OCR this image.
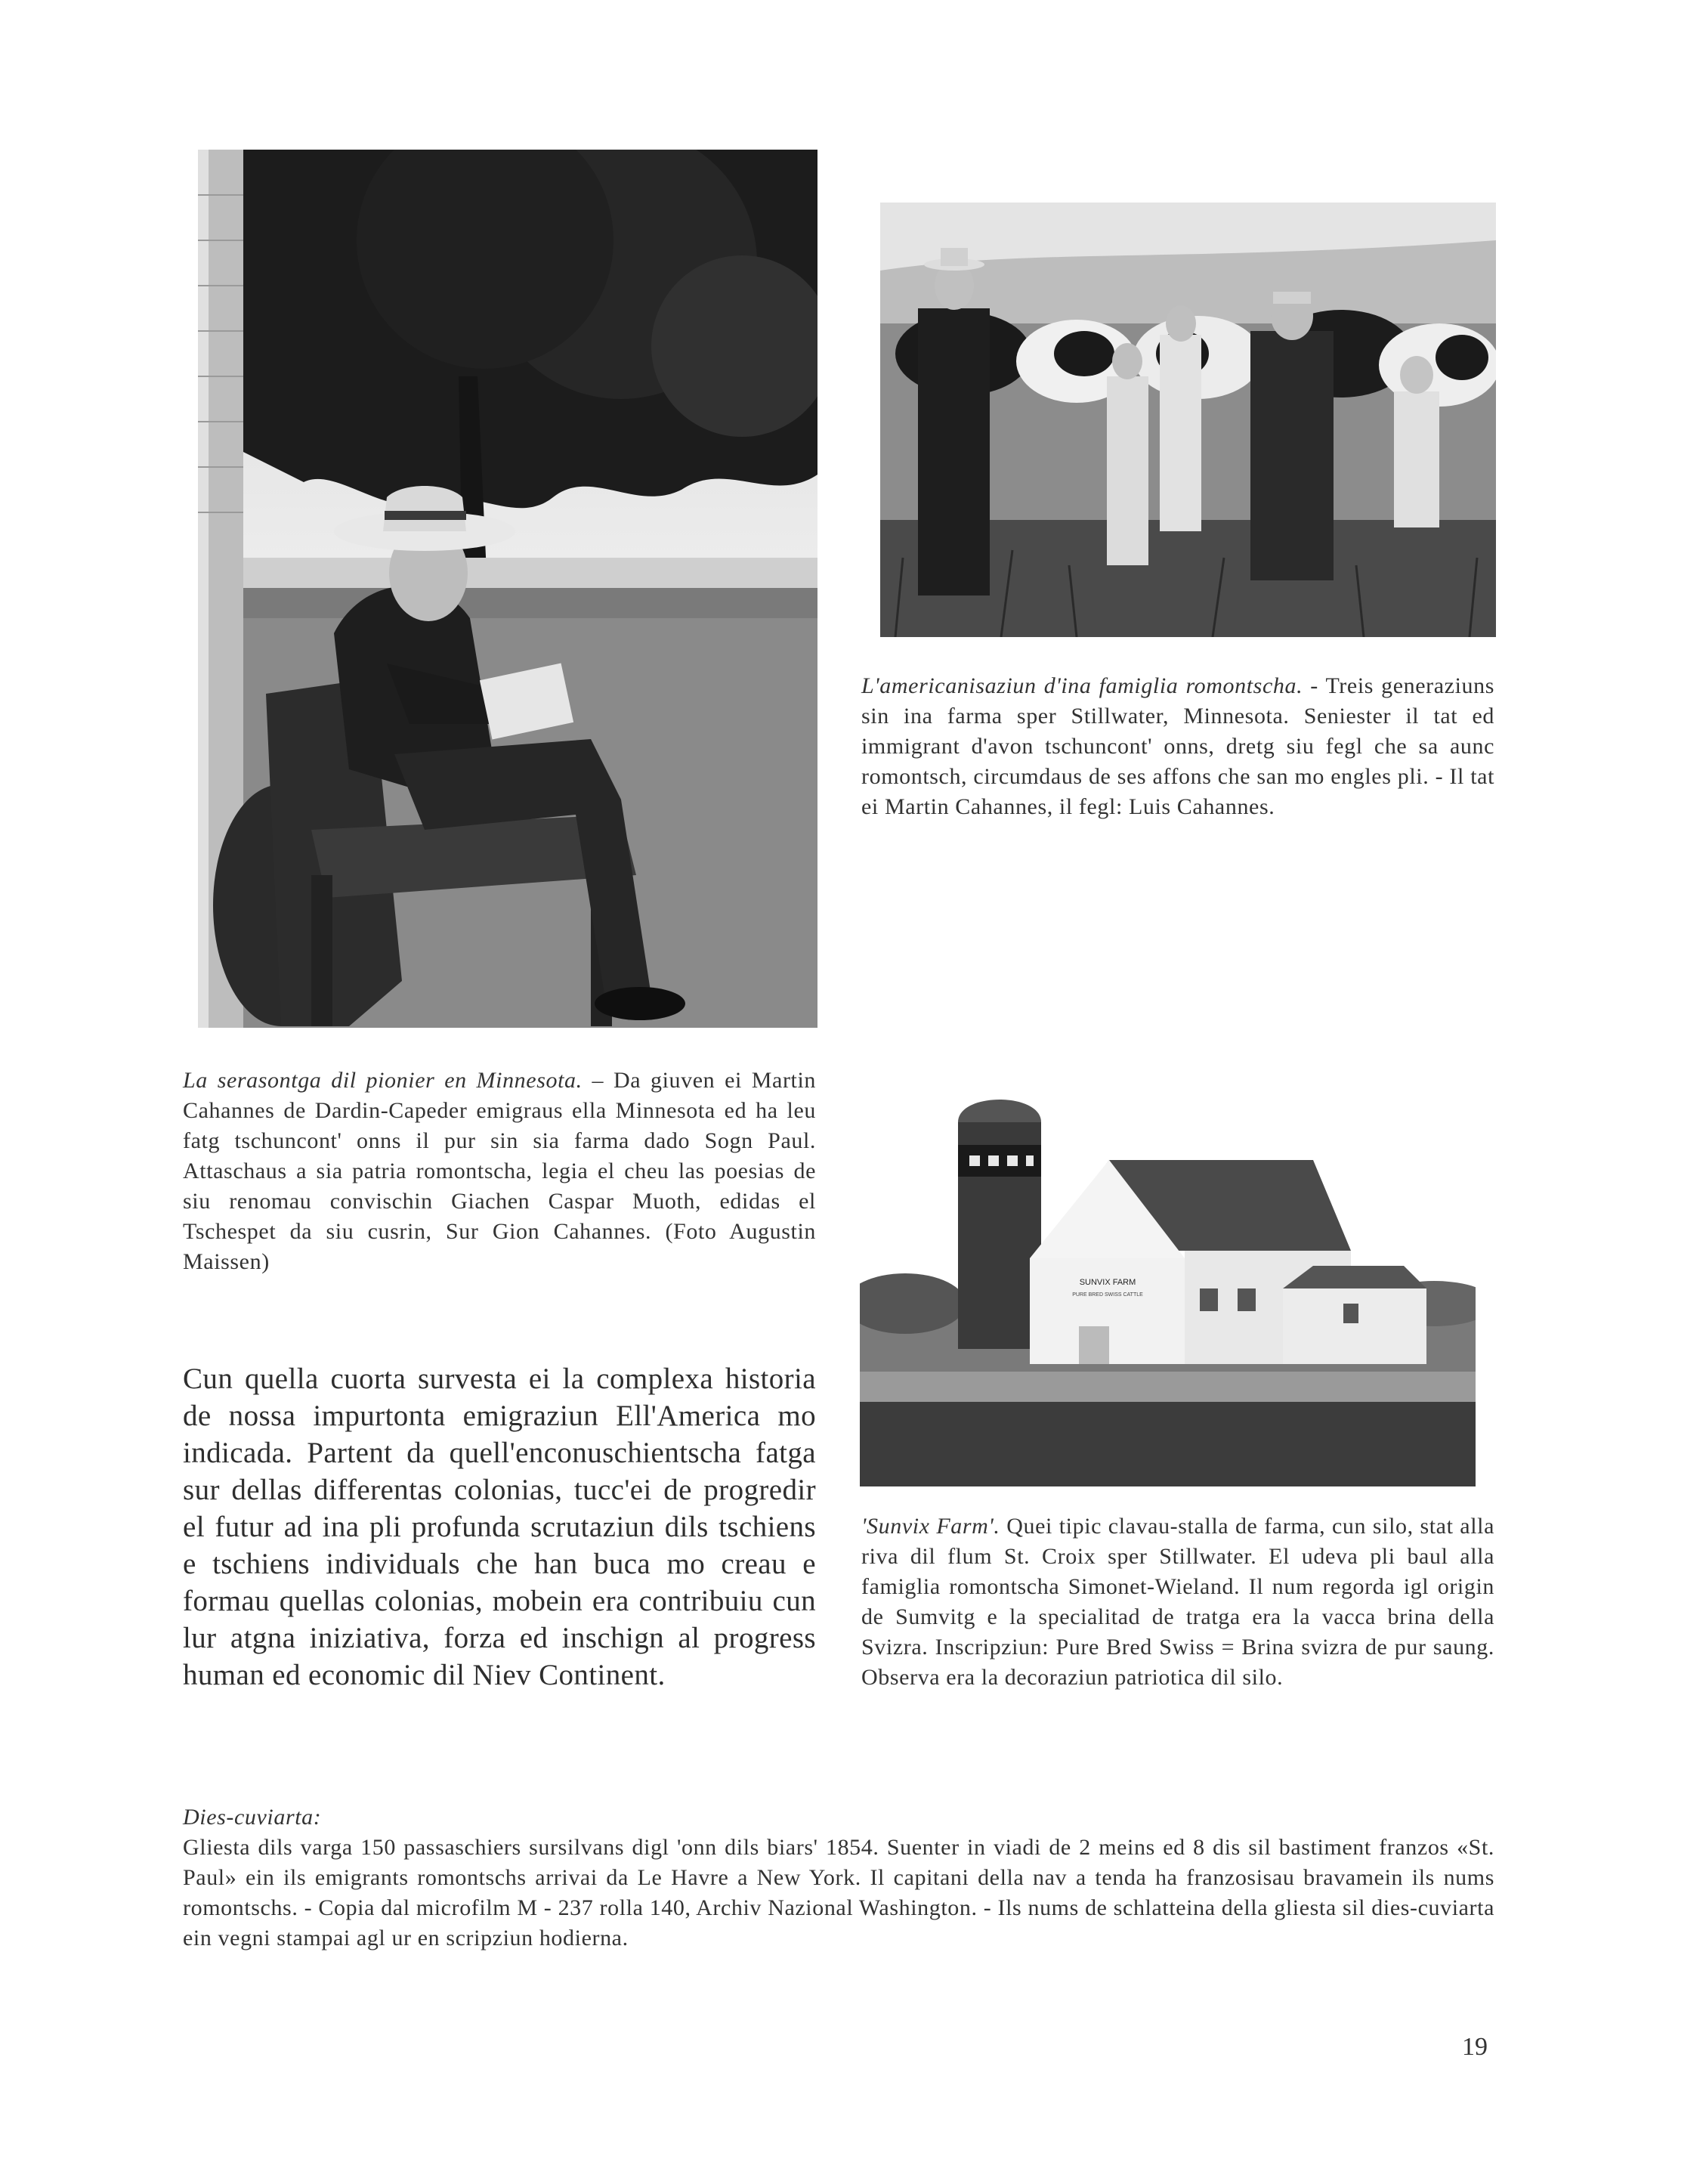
L'americanisaziun d'ina famiglia romontscha. - Treis generaziuns sin ina farma sper Stillwater, Minnesota. Seniester il tat ed immigrant d'avon tschuncont' onns, dretg siu fegl che sa aunc romontsch, circumdaus de ses affons che san mo engles pli. - Il tat ei Martin Cahannes, il fegl: Luis Cahannes.
La serasontga dil pionier en Minnesota. – Da giuven ei Martin Cahannes de Dardin-Capeder emigraus ella Minnesota ed ha leu fatg tschuncont' onns il pur sin sia farma dado Sogn Paul. Attaschaus a sia patria romontscha, legia el cheu las poesias de siu renomau convischin Giachen Caspar Muoth, edidas el Tschespet da siu cusrin, Sur Gion Cahannes. (Foto Augustin Maissen)
SUNVIX FARM
PURE BRED SWISS CATTLE
Cun quella cuorta survesta ei la complexa historia de nossa impurtonta emigraziun Ell'America mo indicada. Partent da quell'enconuschientscha fatga sur dellas differentas colonias, tucc'ei de progredir el futur ad ina pli profunda scrutaziun dils tschiens e tschiens individuals che han buca mo creau e formau quellas colonias, mobein era contribuiu cun lur atgna iniziativa, forza ed inschign al progress human ed economic dil Niev Continent.
'Sunvix Farm'. Quei tipic clavau-stalla de farma, cun silo, stat alla riva dil flum St. Croix sper Stillwater. El udeva pli baul alla famiglia romontscha Simonet-Wieland. Il num regorda igl origin de Sumvitg e la specialitad de tratga era la vacca brina della Svizra. Inscripziun: Pure Bred Swiss = Brina svizra de pur saung. Observa era la decoraziun patriotica dil silo.
Dies-cuviarta:
Gliesta dils varga 150 passaschiers sursilvans digl 'onn dils biars' 1854. Suenter in viadi de 2 meins ed 8 dis sil bastiment franzos «St. Paul» ein ils emigrants romontschs arrivai da Le Havre a New York. Il capitani della nav a tenda ha franzosisau bravamein ils nums romontschs. - Copia dal microfilm M - 237 rolla 140, Archiv Nazional Washington. - Ils nums de schlatteina della gliesta sil dies-cuviarta ein vegni stampai agl ur en scripziun hodierna.
19
